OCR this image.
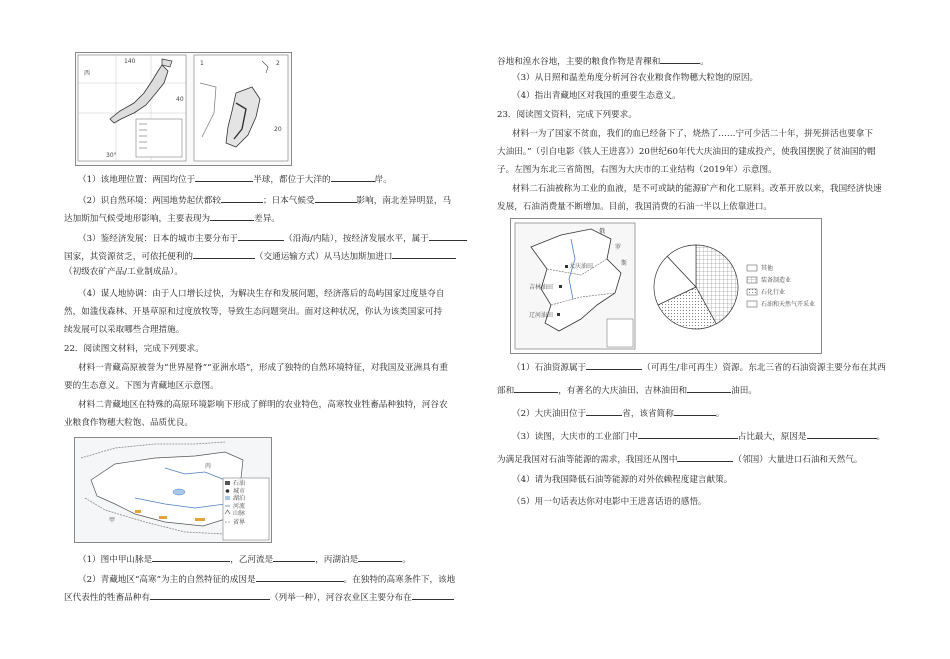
西
140
40
30°
20
1	2
（1）该地理位置：两国均位于	半球，都位于大洋的	岸。
（2）识自然环境：两国地势起伏都较	；日本气候受	影响，南北差异明显，马
达加斯加气候受地形影响，主要表现为	差异。
（3）鉴经济发展：日本的城市主要分布于	（沿海/内陆），按经济发展水平，属于
国家，其资源贫乏，可依托便利的	（交通运输方式）从马达加斯加进口
（初级农矿产品/工业制成品）。
（4）谋人地协调：由于人口增长过快，为解决生存和发展问题，经济落后的岛屿国家过度垦夺自
然，如滥伐森林、开垦草原和过度放牧等，导致生态问题突出。面对这种状况，你认为该类国家可持
续发展可以采取哪些合理措施。
22．阅读图文材料，完成下列要求。
材料一青藏高原被誉为“世界屋脊”“亚洲水塔”，形成了独特的自然环境特征，对我国及亚洲具有重
要的生态意义。下图为青藏地区示意图。
材料二青藏地区在特殊的高原环境影响下形成了鲜明的农业特色，高寒牧业牲畜品种独特，河谷农
业粮食作物穗大粒饱、品质优良。
丙
甲
石油
城市
湖泊
河流
山脉
省界
（1）图中甲山脉是	，乙河流是	，丙湖泊是	。
（2）青藏地区“高寒”为主的自然特征的成因是	。在独特的高寒条件下，该地
区代表性的牲畜品种有	（列举一种），河谷农业区主要分布在
谷地和湟水谷地，主要的粮食作物是青稞和	。
（3）从日照和温差角度分析河谷农业粮食作物穗大粒饱的原因。
（4）指出青藏地区对我国的重要生态意义。
23．阅读图文资料，完成下列要求。
材料一为了国家不贫血，我们的血已经备下了，烧热了……宁可少活二十年，拼死拼活也要拿下
大油田。”（引自电影《铁人王进喜》）20世纪60年代大庆油田的建成投产，使我国摆脱了贫油国的帽
子。左图为东北三省简图，右图为大庆市的工业结构（2019年）示意图。
材料二石油被称为工业的血液，是不可或缺的能源矿产和化工原料。改革开放以来，我国经济快速
发展，石油消费量不断增加。目前，我国消费的石油一半以上依靠进口。
俄
罗
斯
大庆油田
吉林油田
辽河油田
其他
装备制造业
石化行业
石油和天然气开采业
（1）石油资源属于	（可再生/非可再生）资源。东北三省的石油资源主要分布在其西
部和	，有著名的大庆油田、吉林油田和	油田。
（2）大庆油田位于	省，该省简称	。
（3）读图，大庆市的工业部门中	占比最大，原因是	。
为满足我国对石油等能源的需求，我国还从图中	（邻国）大量进口石油和天然气。
（4）请为我国降低石油等能源的对外依赖程度建言献策。
（5）用一句话表达你对电影中王进喜话语的感悟。
